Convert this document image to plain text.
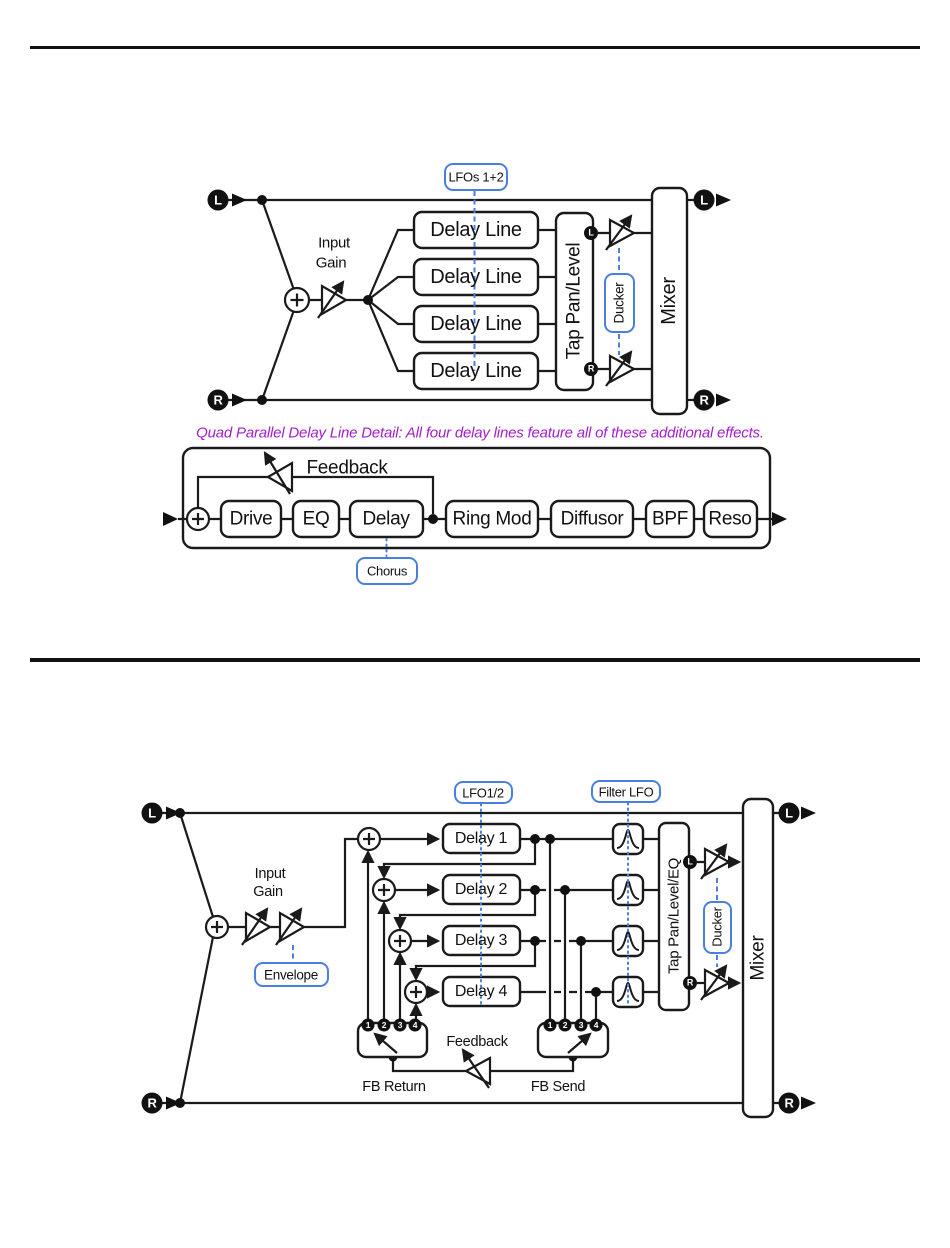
L
R
L
R
LFOs 1+2
Input
Gain
Delay Line
Delay Line
Delay Line
Delay Line
Tap Pan/Level
L
R
Ducker Mixer
Quad Parallel Delay Line Detail: All four delay lines feature all of these additional effects.
Feedback
Drive EQ Delay Ring Mod Diffusor BPF Reso
Chorus
L
R
L
R
LFO1/2	Filter LFO
Input
Gain
Envelope
Delay 1
Delay 2
Delay 3
Delay 4
Tap Pan/Level/EQ L
R
Ducker
Mixer
Feedback
FB Return	FB Send
1 2 3 4	1 2 3 4
